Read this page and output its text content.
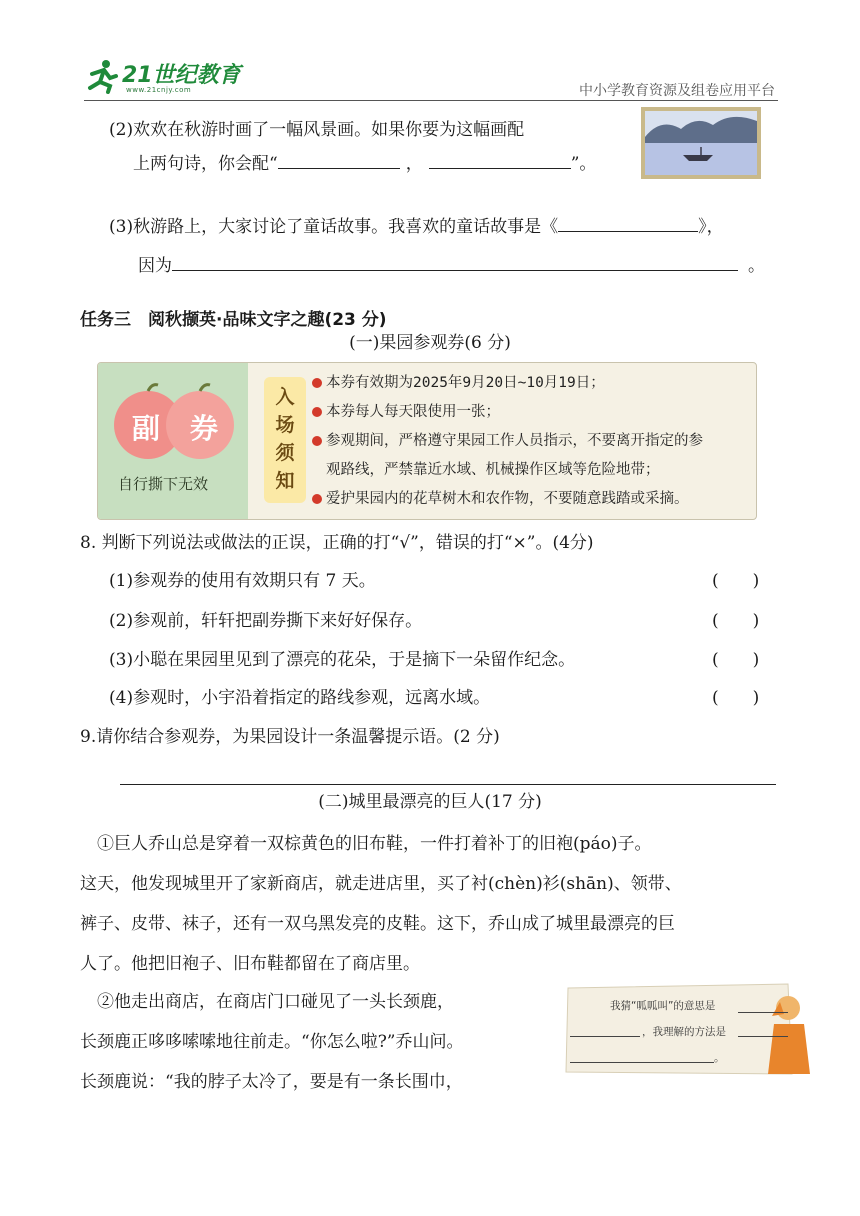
21世纪教育
www.21cnjy.com	中小学教育资源及组卷应用平台
(2)欢欢在秋游时画了一幅风景画。如果你要为这幅画配
上两句诗，你会配“	，	”。
(3)秋游路上，大家讨论了童话故事。我喜欢的童话故事是《	》，
因为	。
任务三　阅秋撷英·品味文字之趣(23 分)
(一)果园参观券(6 分)
副 券
自行撕下无效
入
场
须
知
本券有效期为2025年9月20日~10月19日；
本券每人每天限使用一张；
参观期间，严格遵守果园工作人员指示，不要离开指定的参
观路线，严禁靠近水域、机械操作区域等危险地带；
爱护果园内的花草树木和农作物，不要随意践踏或采摘。
8. 判断下列说法或做法的正误，正确的打“√”，错误的打“×”。(4分)
(1)参观券的使用有效期只有 7 天。	(　　)
(2)参观前，轩轩把副券撕下来好好保存。	(　　)
(3)小聪在果园里见到了漂亮的花朵，于是摘下一朵留作纪念。	(　　)
(4)参观时，小宇沿着指定的路线参观，远离水域。	(　　)
9.请你结合参观券，为果园设计一条温馨提示语。(2 分)
(二)城里最漂亮的巨人(17 分)
　①巨人乔山总是穿着一双棕黄色的旧布鞋，一件打着补丁的旧袍(páo)子。
这天，他发现城里开了家新商店，就走进店里，买了衬(chèn)衫(shān)、领带、
裤子、皮带、袜子，还有一双乌黑发亮的皮鞋。这下，乔山成了城里最漂亮的巨
人了。他把旧袍子、旧布鞋都留在了商店里。
　②他走出商店，在商店门口碰见了一头长颈鹿，
长颈鹿正哆哆嗦嗦地往前走。“你怎么啦?”乔山问。
长颈鹿说：“我的脖子太冷了，要是有一条长围巾，
我猜“呱呱叫”的意思是
，我理解的方法是
。
